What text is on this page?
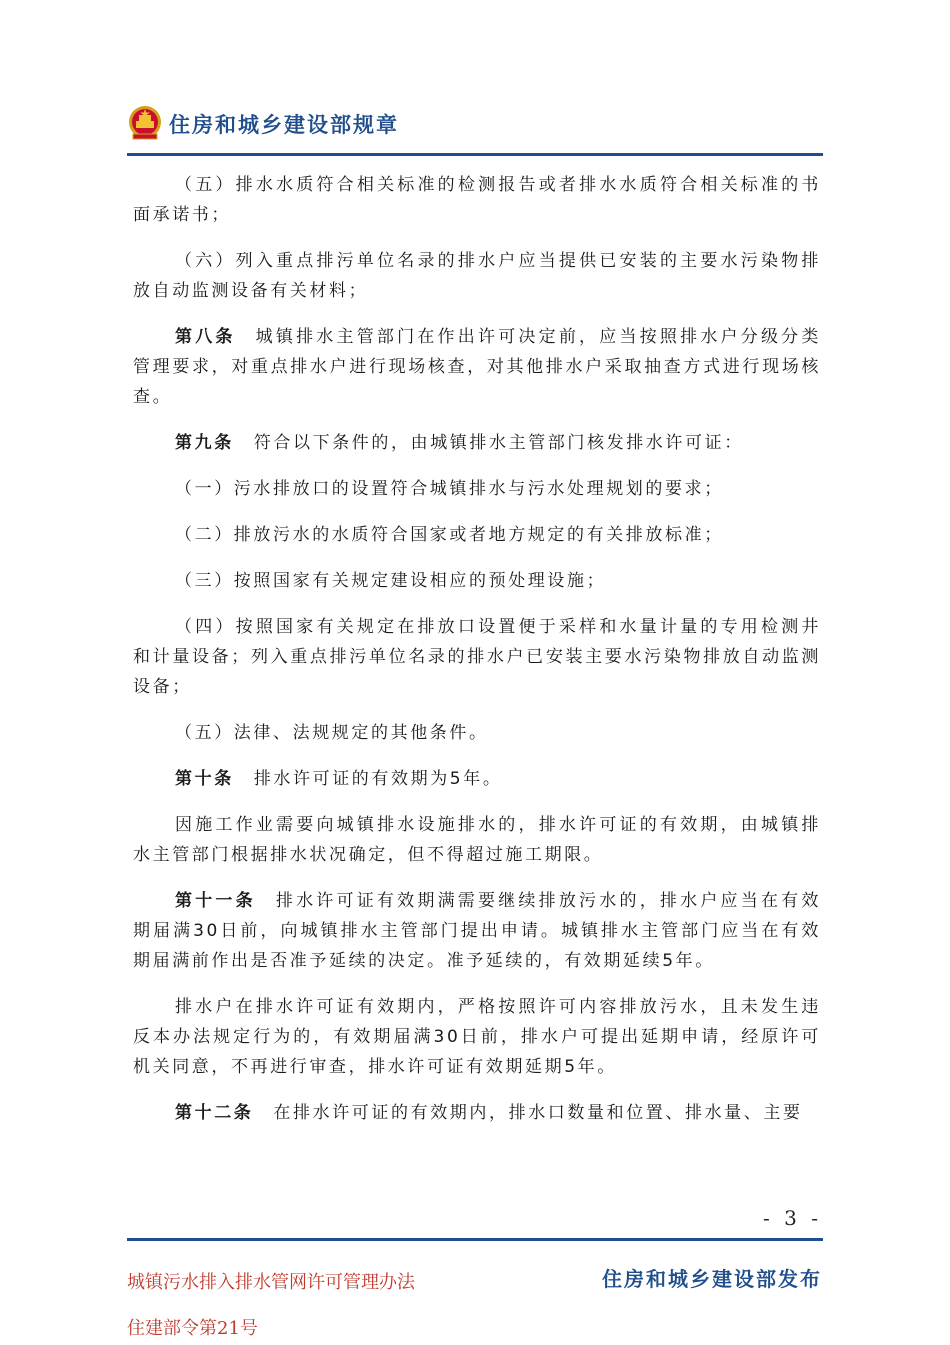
住房和城乡建设部规章

（五）排水水质符合相关标准的检测报告或者排水水质符合相关标准的书面承诺书；

（六）列入重点排污单位名录的排水户应当提供已安装的主要水污染物排放自动监测设备有关材料；

第八条 城镇排水主管部门在作出许可决定前，应当按照排水户分级分类管理要求，对重点排水户进行现场核查，对其他排水户采取抽查方式进行现场核查。

第九条 符合以下条件的，由城镇排水主管部门核发排水许可证：

（一）污水排放口的设置符合城镇排水与污水处理规划的要求；

（二）排放污水的水质符合国家或者地方规定的有关排放标准；

（三）按照国家有关规定建设相应的预处理设施；

（四）按照国家有关规定在排放口设置便于采样和水量计量的专用检测井和计量设备；列入重点排污单位名录的排水户已安装主要水污染物排放自动监测设备；

（五）法律、法规规定的其他条件。

第十条 排水许可证的有效期为5年。

因施工作业需要向城镇排水设施排水的，排水许可证的有效期，由城镇排水主管部门根据排水状况确定，但不得超过施工期限。

第十一条 排水许可证有效期满需要继续排放污水的，排水户应当在有效期届满30日前，向城镇排水主管部门提出申请。城镇排水主管部门应当在有效期届满前作出是否准予延续的决定。准予延续的，有效期延续5年。

排水户在排水许可证有效期内，严格按照许可内容排放污水，且未发生违反本办法规定行为的，有效期届满30日前，排水户可提出延期申请，经原许可机关同意，不再进行审查，排水许可证有效期延期5年。

第十二条 在排水许可证的有效期内，排水口数量和位置、排水量、主要

- 3 -
城镇污水排入排水管网许可管理办法
住建部令第21号
住房和城乡建设部发布
